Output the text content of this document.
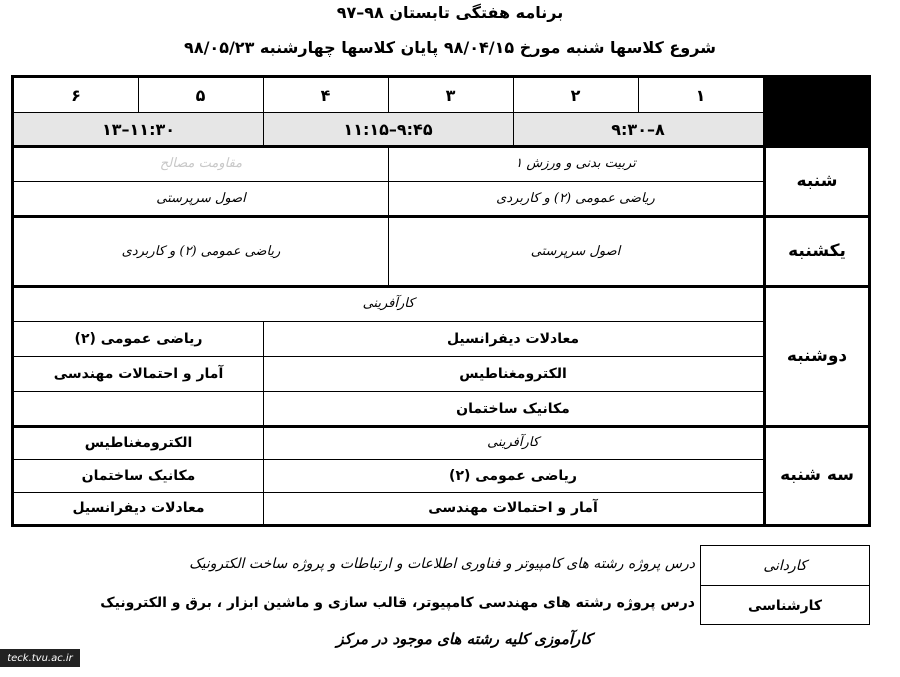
برنامه هفتگی تابستان ۹۸–۹۷
شروع کلاسها شنبه مورخ ۹۸/۰۴/۱۵ پایان کلاسها چهارشنبه ۹۸/۰۵/۲۳
۱
۲
۳
۴
۵
۶
۸–۹:۳۰
۹:۴۵–۱۱:۱۵
۱۱:۳۰–۱۳
شنبه
یکشنبه
دوشنبه
سه شنبه
تربیت بدنی و ورزش ۱
مقاومت مصالح
ریاضی عمومی (۲) و کاربردی
اصول سرپرستی
اصول سرپرستی
ریاضی عمومی (۲) و کاربردی
کارآفرینی
معادلات دیفرانسیل
ریاضی عمومی (۲)
الکترومغناطیس
آمار و احتمالات مهندسی
مکانیک ساختمان
کارآفرینی
الکترومغناطیس
ریاضی عمومی (۲)
مکانیک ساختمان
آمار و احتمالات مهندسی
معادلات دیفرانسیل
کاردانی
کارشناسی
درس پروژه رشته های کامپیوتر و فناوری اطلاعات و ارتباطات و پروژه ساخت الکترونیک
درس پروژه رشته های مهندسی کامپیوتر، قالب سازی و ماشین ابزار ، برق و الکترونیک
کارآموزی کلیه رشته های موجود در مرکز
teck.tvu.ac.ir
